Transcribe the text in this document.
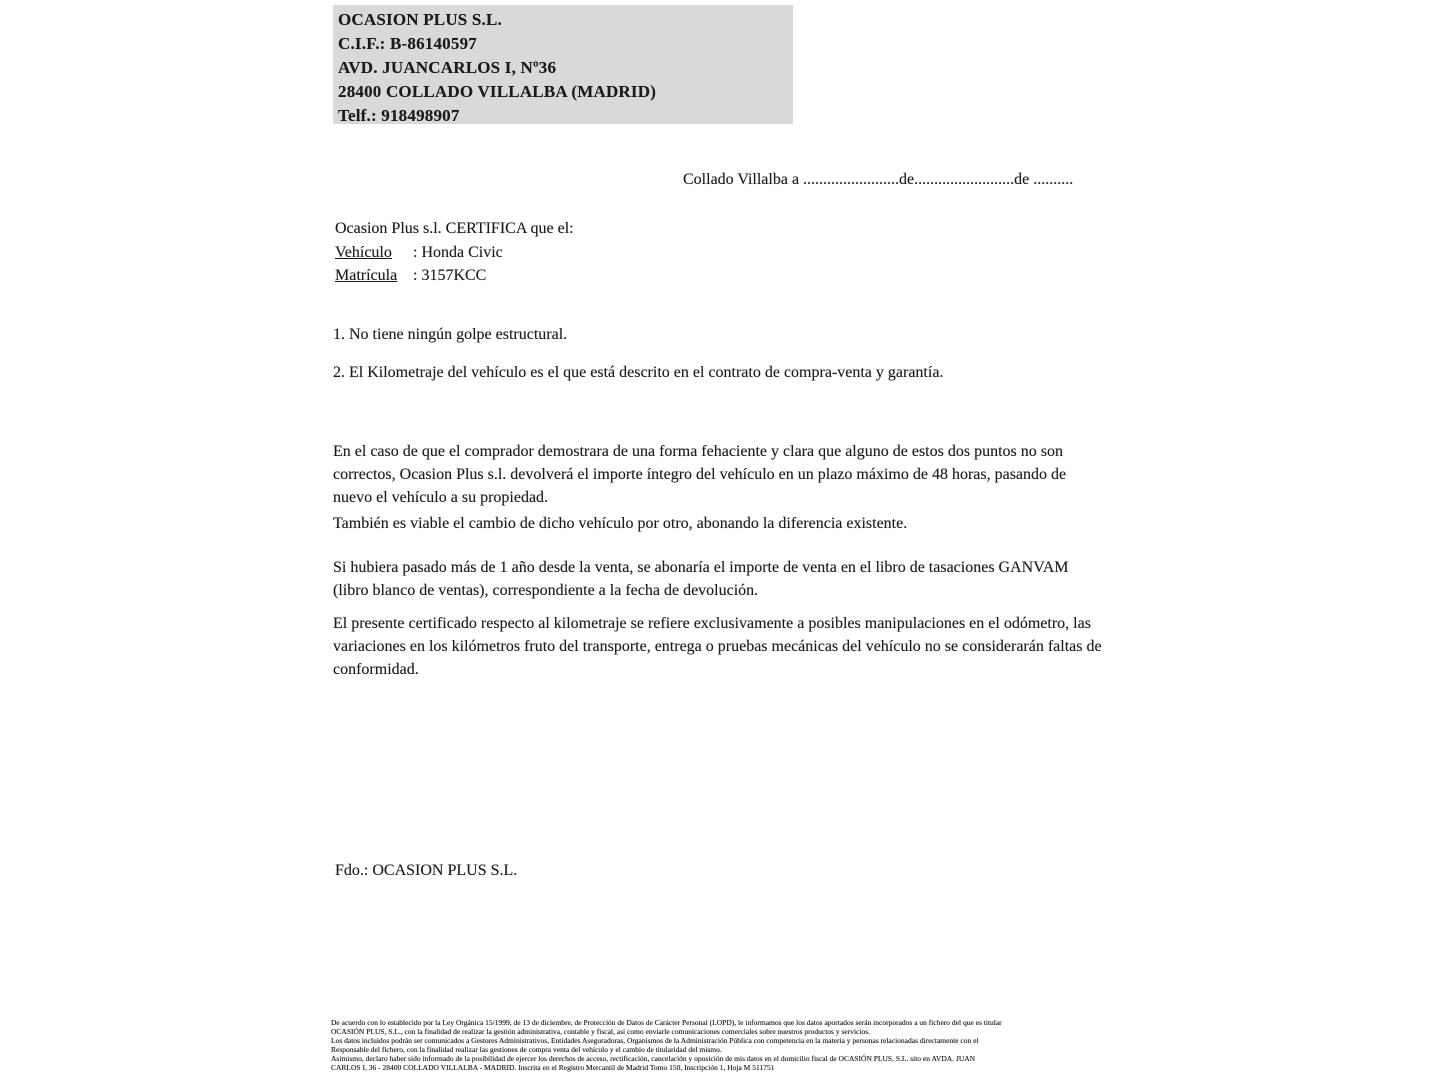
OCASION PLUS S.L.
C.I.F.: B-86140597
AVD. JUANCARLOS I, Nº36
28400 COLLADO VILLALBA (MADRID)
Telf.: 918498907
Collado Villalba a ........................de.........................de ..........
Ocasion Plus s.l. CERTIFICA que el:
Vehículo : Honda Civic
Matrícula : 3157KCC
1. No tiene ningún golpe estructural.
2. El Kilometraje del vehículo es el que está descrito en el contrato de compra-venta y garantía.
En el caso de que el comprador demostrara de una forma fehaciente y clara que alguno de estos dos puntos no son correctos, Ocasion Plus s.l. devolverá el importe íntegro del vehículo en un plazo máximo de 48 horas, pasando de nuevo el vehículo a su propiedad.
También es viable el cambio de dicho vehículo por otro, abonando la diferencia existente.
Si hubiera pasado más de 1 año desde la venta, se abonaría el importe de venta en el libro de tasaciones GANVAM (libro blanco de ventas), correspondiente a la fecha de devolución.
El presente certificado respecto al kilometraje se refiere exclusivamente a posibles manipulaciones en el odómetro, las variaciones en los kilómetros fruto del transporte, entrega o pruebas mecánicas del vehículo no se considerarán faltas de conformidad.
Fdo.: OCASION PLUS S.L.
De acuerdo con lo establecido por la Ley Orgánica 15/1999, de 13 de diciembre, de Protección de Datos de Carácter Personal (LOPD), le informamos que los datos aportados serán incorporados a un fichero del que es titular
OCASIÓN PLUS, S.L., con la finalidad de realizar la gestión administrativa, contable y fiscal, así como enviarle comunicaciones comerciales sobre nuestros productos y servicios.
Los datos incluidos podrán ser comunicados a Gestores Administrativos, Entidades Aseguradoras, Organismos de la Administración Pública con competencia en la materia y personas relacionadas directamente con el
Responsable del fichero, con la finalidad realizar las gestiones de compra venta del vehículo y el cambio de titularidad del mismo.
Asimismo, declaro haber sido informado de la posibilidad de ejercer los derechos de acceso, rectificación, cancelación y oposición de mis datos en el domicilio fiscal de OCASIÓN PLUS, S.L. sito en AVDA. JUAN
CARLOS I, 36 - 28400 COLLADO VILLALBA - MADRID. Inscrita en el Registro Mercantil de Madrid Tomo 150, Inscripción 1, Hoja M 511751
